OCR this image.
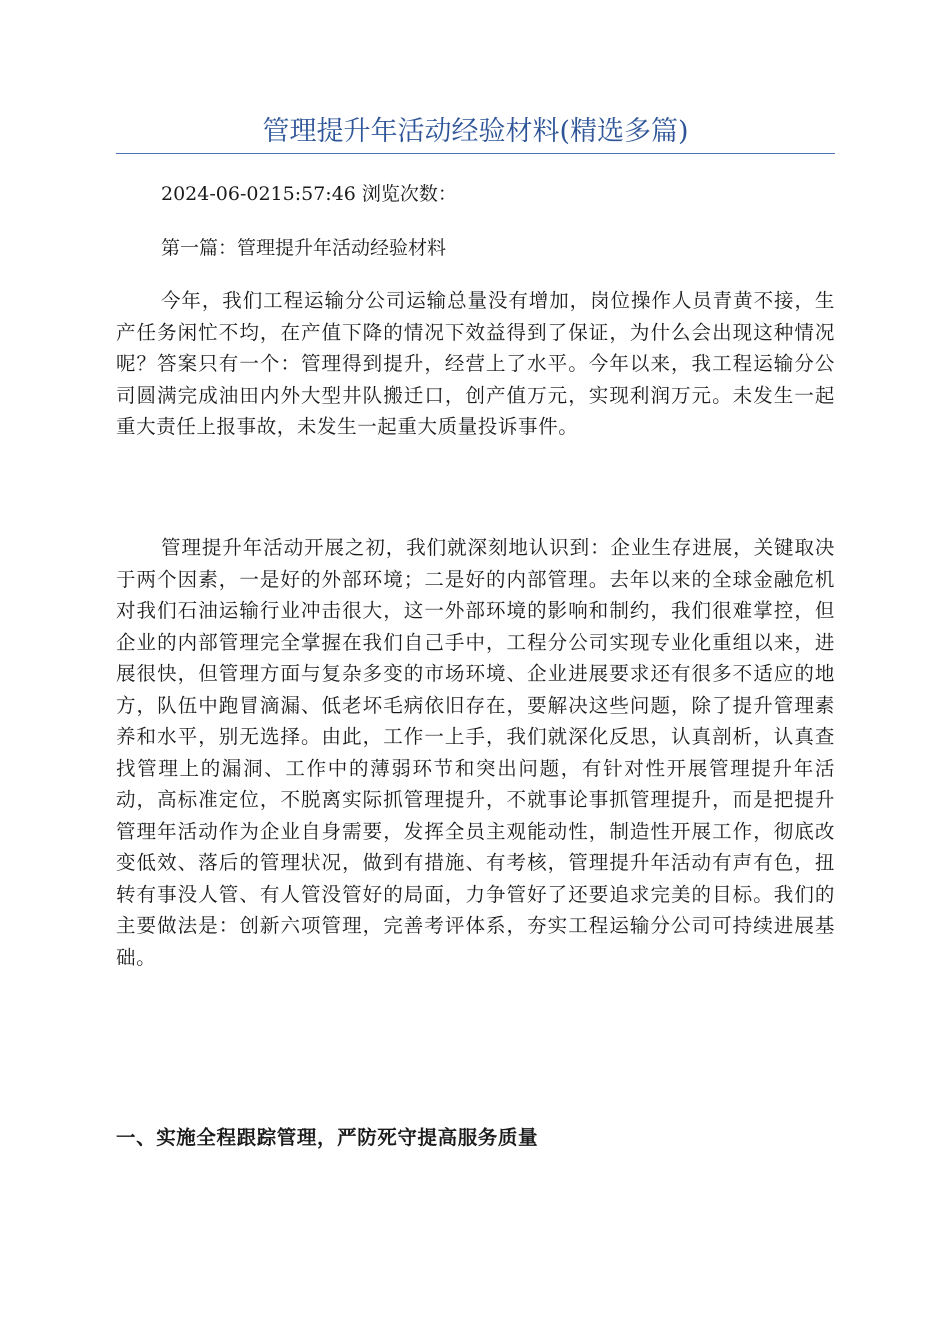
管理提升年活动经验材料(精选多篇)
2024-06-0215:57:46 浏览次数：
第一篇：管理提升年活动经验材料

今年，我们工程运输分公司运输总量没有增加，岗位操作人员青黄不接，生产任务闲忙不均，在产值下降的情况下效益得到了保证，为什么会出现这种情况呢？答案只有一个：管理得到提升，经营上了水平。今年以来，我工程运输分公司圆满完成油田内外大型井队搬迁口，创产值万元，实现利润万元。未发生一起重大责任上报事故，未发生一起重大质量投诉事件。

管理提升年活动开展之初，我们就深刻地认识到：企业生存进展，关键取决于两个因素，一是好的外部环境；二是好的内部管理。去年以来的全球金融危机对我们石油运输行业冲击很大，这一外部环境的影响和制约，我们很难掌控，但企业的内部管理完全掌握在我们自己手中，工程分公司实现专业化重组以来，进展很快，但管理方面与复杂多变的市场环境、企业进展要求还有很多不适应的地方，队伍中跑冒滴漏、低老坏毛病依旧存在，要解决这些问题，除了提升管理素养和水平，别无选择。由此，工作一上手，我们就深化反思，认真剖析，认真查找管理上的漏洞、工作中的薄弱环节和突出问题，有针对性开展管理提升年活动，高标准定位，不脱离实际抓管理提升，不就事论事抓管理提升，而是把提升管理年活动作为企业自身需要，发挥全员主观能动性，制造性开展工作，彻底改变低效、落后的管理状况，做到有措施、有考核，管理提升年活动有声有色，扭转有事没人管、有人管没管好的局面，力争管好了还要追求完美的目标。我们的主要做法是：创新六项管理，完善考评体系，夯实工程运输分公司可持续进展基础。

一、实施全程跟踪管理，严防死守提高服务质量
